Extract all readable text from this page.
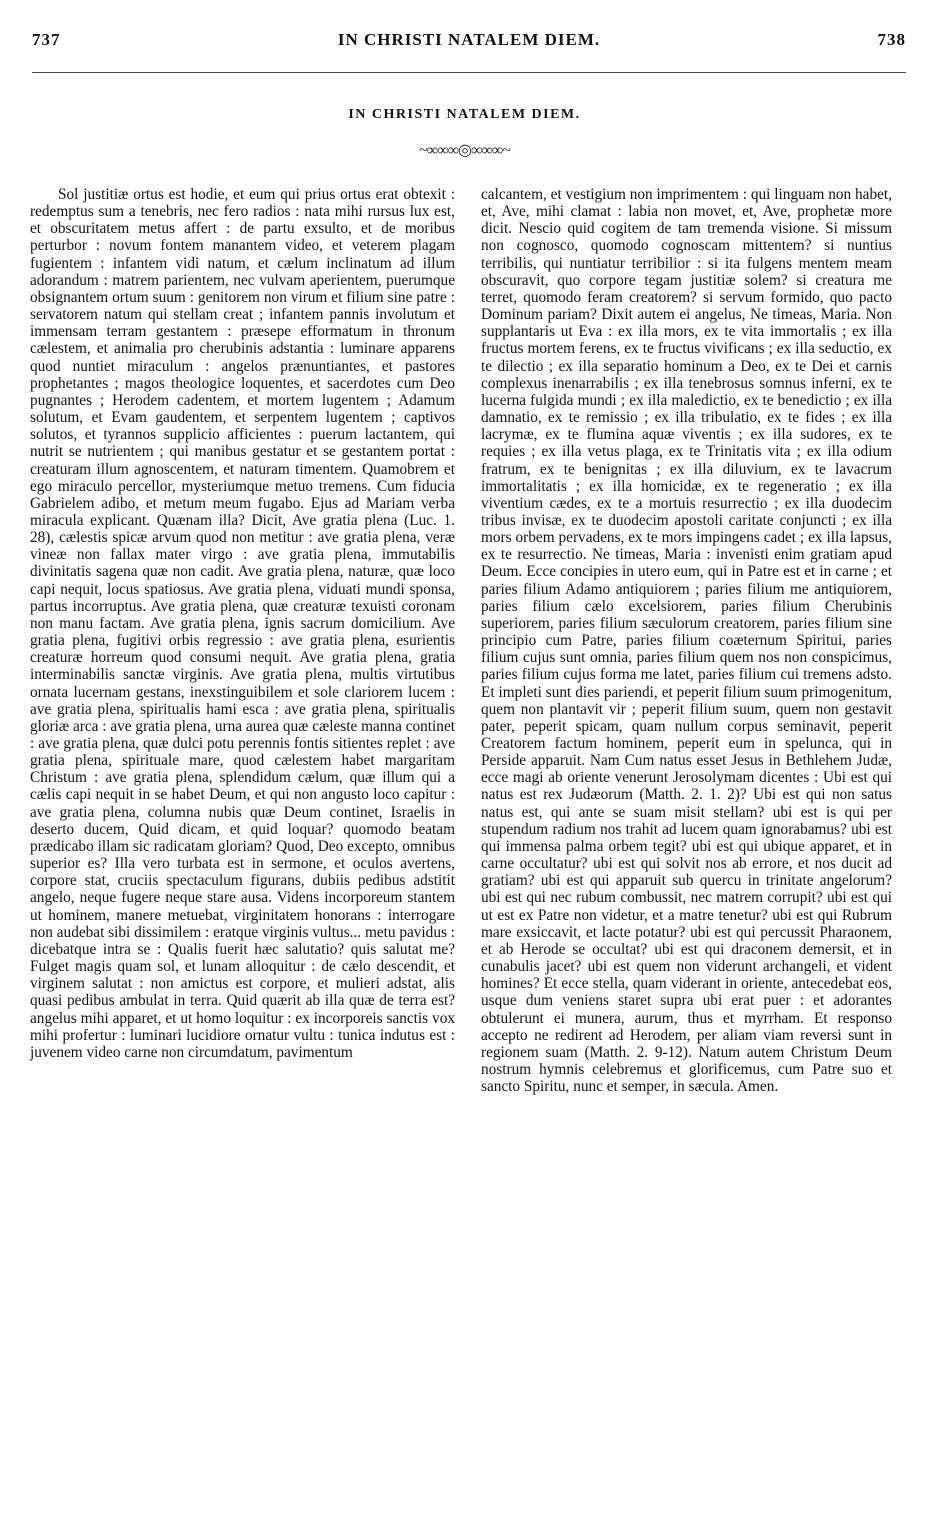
737	IN CHRISTI NATALEM DIEM.	738
IN CHRISTI NATALEM DIEM.
~∞∞∞◎∞∞∞~
Sol justitiæ ortus est hodie, et eum qui prius ortus erat obtexit : redemptus sum a tenebris, nec fero radios : nata mihi rursus lux est, et obscuritatem metus affert : de partu exsulto, et de moribus perturbor : novum fontem manantem video, et veterem plagam fugientem : infantem vidi natum, et cælum inclinatum ad illum adorandum : matrem parientem, nec vulvam aperientem, puerumque obsignantem ortum suum : genitorem non virum et filium sine patre : servatorem natum qui stellam creat ; infantem pannis involutum et immensam terram gestantem : præsepe efformatum in thronum cælestem, et animalia pro cherubinis adstantia : luminare apparens quod nuntiet miraculum : angelos prænuntiantes, et pastores prophetantes ; magos theologice loquentes, et sacerdotes cum Deo pugnantes ; Herodem cadentem, et mortem lugentem ; Adamum solutum, et Evam gaudentem, et serpentem lugentem ; captivos solutos, et tyrannos supplicio afficientes : puerum lactantem, qui nutrit se nutrientem ; qui manibus gestatur et se gestantem portat : creaturam illum agnoscentem, et naturam timentem. Quamobrem et ego miraculo percellor, mysteriumque metuo tremens. Cum fiducia Gabrielem adibo, et metum meum fugabo. Ejus ad Mariam verba miracula explicant. Quænam illa? Dicit, Ave gratia plena (Luc. 1. 28), cælestis spicæ arvum quod non metitur : ave gratia plena, veræ vineæ non fallax mater virgo : ave gratia plena, immutabilis divinitatis sagena quæ non cadit. Ave gratia plena, naturæ, quæ loco capi nequit, locus spatiosus. Ave gratia plena, viduati mundi sponsa, partus incorruptus. Ave gratia plena, quæ creaturæ texuisti coronam non manu factam. Ave gratia plena, ignis sacrum domicilium. Ave gratia plena, fugitivi orbis regressio : ave gratia plena, esurientis creaturæ horreum quod consumi nequit. Ave gratia plena, gratia interminabilis sanctæ virginis. Ave gratia plena, multis virtutibus ornata lucernam gestans, inexstinguibilem et sole clariorem lucem : ave gratia plena, spiritualis hami esca : ave gratia plena, spiritualis gloriæ arca : ave gratia plena, urna aurea quæ cæleste manna continet : ave gratia plena, quæ dulci potu perennis fontis sitientes replet : ave gratia plena, spirituale mare, quod cælestem habet margaritam Christum : ave gratia plena, splendidum cælum, quæ illum qui a cælis capi nequit in se habet Deum, et qui non angusto loco capitur : ave gratia plena, columna nubis quæ Deum continet, Israelis in deserto ducem, Quid dicam, et quid loquar? quomodo beatam prædicabo illam sic radicatam gloriam? Quod, Deo excepto, omnibus superior es? Illa vero turbata est in sermone, et oculos avertens, corpore stat, cruciis spectaculum figurans, dubiis pedibus adstitit angelo, neque fugere neque stare ausa. Videns incorporeum stantem ut hominem, manere metuebat, virginitatem honorans : interrogare non audebat sibi dissimilem : eratque virginis vultus... metu pavidus : dicebatque intra se : Qualis fuerit hæc salutatio? quis salutat me? Fulget magis quam sol, et lunam alloquitur : de cælo descendit, et virginem salutat : non amictus est corpore, et mulieri adstat, alis quasi pedibus ambulat in terra. Quid quærit ab illa quæ de terra est? angelus mihi apparet, et ut homo loquitur : ex incorporeis sanctis vox mihi profertur : luminari lucidiore ornatur vultu : tunica indutus est : juvenem video carne non circumdatum, pavimentum
calcantem, et vestigium non imprimentem : qui linguam non habet, et, Ave, mihi clamat : labia non movet, et, Ave, prophetæ more dicit. Nescio quid cogitem de tam tremenda visione. Si missum non cognosco, quomodo cognoscam mittentem? si nuntius terribilis, qui nuntiatur terribilior : si ita fulgens mentem meam obscuravit, quo corpore tegam justitiæ solem? si creatura me terret, quomodo feram creatorem? si servum formido, quo pacto Dominum pariam? Dixit autem ei angelus, Ne timeas, Maria. Non supplantaris ut Eva : ex illa mors, ex te vita immortalis ; ex illa fructus mortem ferens, ex te fructus vivificans ; ex illa seductio, ex te dilectio ; ex illa separatio hominum a Deo, ex te Dei et carnis complexus inenarrabilis ; ex illa tenebrosus somnus inferni, ex te lucerna fulgida mundi ; ex illa maledictio, ex te benedictio ; ex illa damnatio, ex te remissio ; ex illa tribulatio, ex te fides ; ex illa lacrymæ, ex te flumina aquæ viventis ; ex illa sudores, ex te requies ; ex illa vetus plaga, ex te Trinitatis vita ; ex illa odium fratrum, ex te benignitas ; ex illa diluvium, ex te lavacrum immortalitatis ; ex illa homicidæ, ex te regeneratio ; ex illa viventium cædes, ex te a mortuis resurrectio ; ex illa duodecim tribus invisæ, ex te duodecim apostoli caritate conjuncti ; ex illa mors orbem pervadens, ex te mors impingens cadet ; ex illa lapsus, ex te resurrectio. Ne timeas, Maria : invenisti enim gratiam apud Deum. Ecce concipies in utero eum, qui in Patre est et in carne ; et paries filium Adamo antiquiorem ; paries filium me antiquiorem, paries filium cælo excelsiorem, paries filium Cherubinis superiorem, paries filium sæculorum creatorem, paries filium sine principio cum Patre, paries filium coæternum Spiritui, paries filium cujus sunt omnia, paries filium quem nos non conspicimus, paries filium cujus forma me latet, paries filium cui tremens adsto. Et impleti sunt dies pariendi, et peperit filium suum primogenitum, quem non plantavit vir ; peperit filium suum, quem non gestavit pater, peperit spicam, quam nullum corpus seminavit, peperit Creatorem factum hominem, peperit eum in spelunca, qui in Perside apparuit. Nam Cum natus esset Jesus in Bethlehem Judæ, ecce magi ab oriente venerunt Jerosolymam dicentes : Ubi est qui natus est rex Judæorum (Matth. 2. 1. 2)? Ubi est qui non satus natus est, qui ante se suam misit stellam? ubi est is qui per stupendum radium nos trahit ad lucem quam ignorabamus? ubi est qui immensa palma orbem tegit? ubi est qui ubique apparet, et in carne occultatur? ubi est qui solvit nos ab errore, et nos ducit ad gratiam? ubi est qui apparuit sub quercu in trinitate angelorum? ubi est qui nec rubum combussit, nec matrem corrupit? ubi est qui ut est ex Patre non videtur, et a matre tenetur? ubi est qui Rubrum mare exsiccavit, et lacte potatur? ubi est qui percussit Pharaonem, et ab Herode se occultat? ubi est qui draconem demersit, et in cunabulis jacet? ubi est quem non viderunt archangeli, et vident homines? Et ecce stella, quam viderant in oriente, antecedebat eos, usque dum veniens staret supra ubi erat puer : et adorantes obtulerunt ei munera, aurum, thus et myrrham. Et responso accepto ne redirent ad Herodem, per aliam viam reversi sunt in regionem suam (Matth. 2. 9-12). Natum autem Christum Deum nostrum hymnis celebremus et glorificemus, cum Patre suo et sancto Spiritu, nunc et semper, in sæcula. Amen.
